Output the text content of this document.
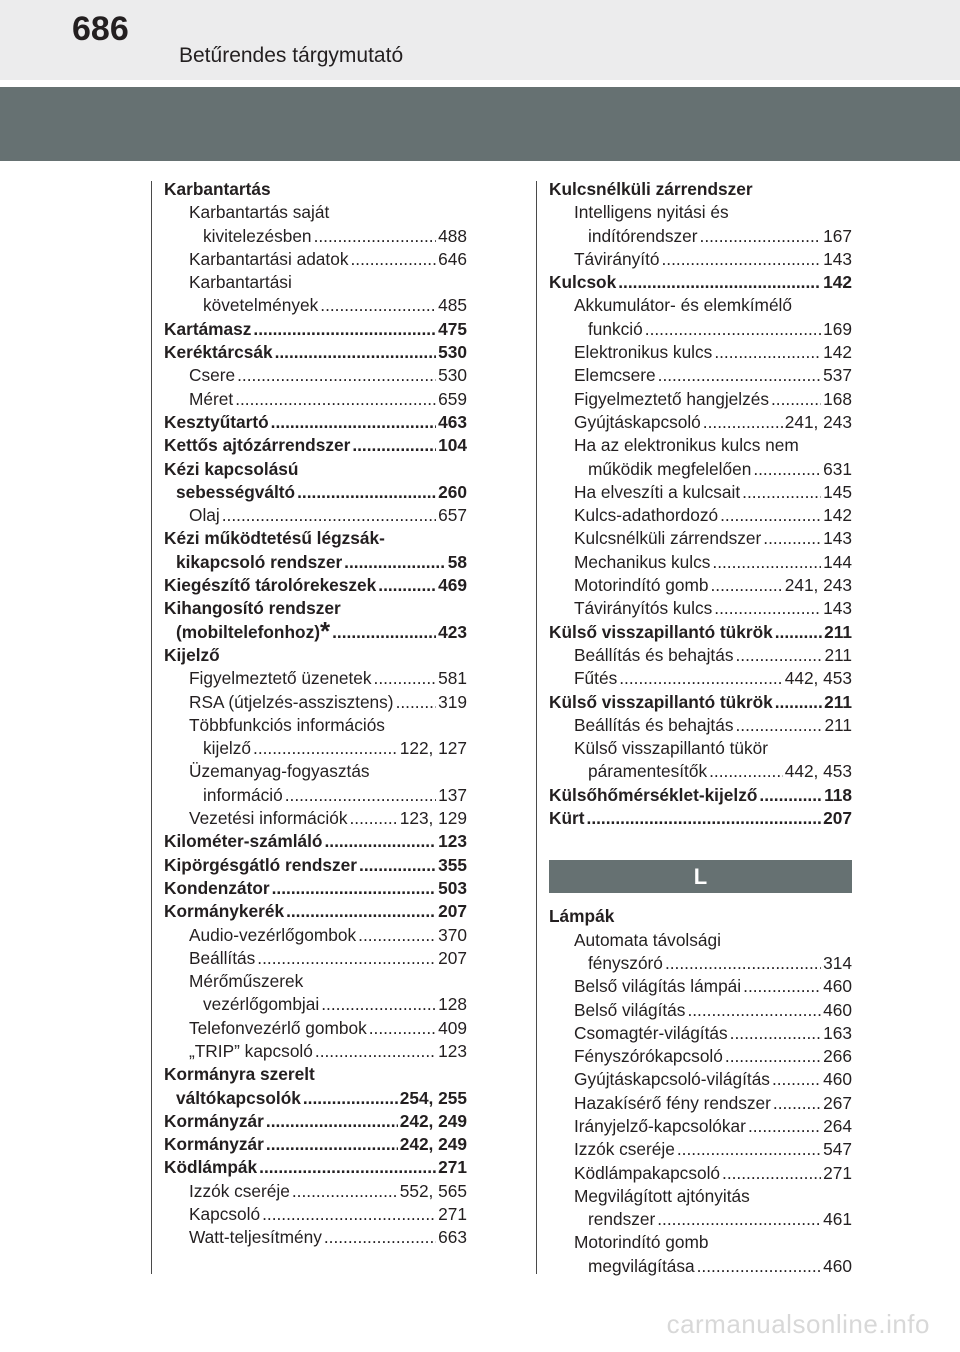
686
Betűrendes tárgymutató
Karbantartás
Karbantartás saját
kivitelezésben .....	488
Karbantartási adatok .....	646
Karbantartási
követelmények .....	485
Kartámasz .....	475
Keréktárcsák .....	530
Csere .....	530
Méret .....	659
Kesztyűtartó .....	463
Kettős ajtózárrendszer .....	104
Kézi kapcsolású
sebességváltó .....	260
Olaj .....	657
Kézi működtetésű légzsák-
kikapcsoló rendszer .....	58
Kiegészítő tárolórekeszek .....	469
Kihangosító rendszer
(mobiltelefonhoz) * .....	423
Kijelző
Figyelmeztető üzenetek .....	581
RSA (útjelzés-asszisztens) .....	319
Többfunkciós információs
kijelző .....	122, 127
Üzemanyag-fogyasztás
információ .....	137
Vezetési információk .....	123, 129
Kilométer-számláló .....	123
Kipörgésgátló rendszer .....	355
Kondenzátor .....	503
Kormánykerék .....	207
Audio-vezérlőgombok .....	370
Beállítás .....	207
Mérőműszerek
vezérlőgombjai .....	128
Telefonvezérlő gombok .....	409
„TRIP” kapcsoló .....	123
Kormányra szerelt
váltókapcsolók .....	254, 255
Kormányzár .....	242, 249
Kormányzár .....	242, 249
Ködlámpák .....	271
Izzók cseréje .....	552, 565
Kapcsoló .....	271
Watt-teljesítmény .....	663
Kulcsnélküli zárrendszer
Intelligens nyitási és
indítórendszer .....	167
Távirányító .....	143
Kulcsok .....	142
Akkumulátor- és elemkímélő
funkció .....	169
Elektronikus kulcs .....	142
Elemcsere .....	537
Figyelmeztető hangjelzés .....	168
Gyújtáskapcsoló .....	241, 243
Ha az elektronikus kulcs nem
működik megfelelően .....	631
Ha elveszíti a kulcsait .....	145
Kulcs-adathordozó .....	142
Kulcsnélküli zárrendszer .....	143
Mechanikus kulcs .....	144
Motorindító gomb .....	241, 243
Távirányítós kulcs .....	143
Külső visszapillantó tükrök .....	211
Beállítás és behajtás .....	211
Fűtés .....	442, 453
Külső visszapillantó tükrök .....	211
Beállítás és behajtás .....	211
Külső visszapillantó tükör
páramentesítők .....	442, 453
Külsőhőmérséklet-kijelző .....	118
Kürt .....	207
L
Lámpák
Automata távolsági
fényszóró .....	314
Belső világítás lámpái .....	460
Belső világítás .....	460
Csomagtér-világítás .....	163
Fényszórókapcsoló .....	266
Gyújtáskapcsoló-világítás .....	460
Hazakísérő fény rendszer .....	267
Irányjelző-kapcsolókar .....	264
Izzók cseréje .....	547
Ködlámpakapcsoló .....	271
Megvilágított ajtónyitás
rendszer .....	461
Motorindító gomb
megvilágítása .....	460
carmanualsonline.info
